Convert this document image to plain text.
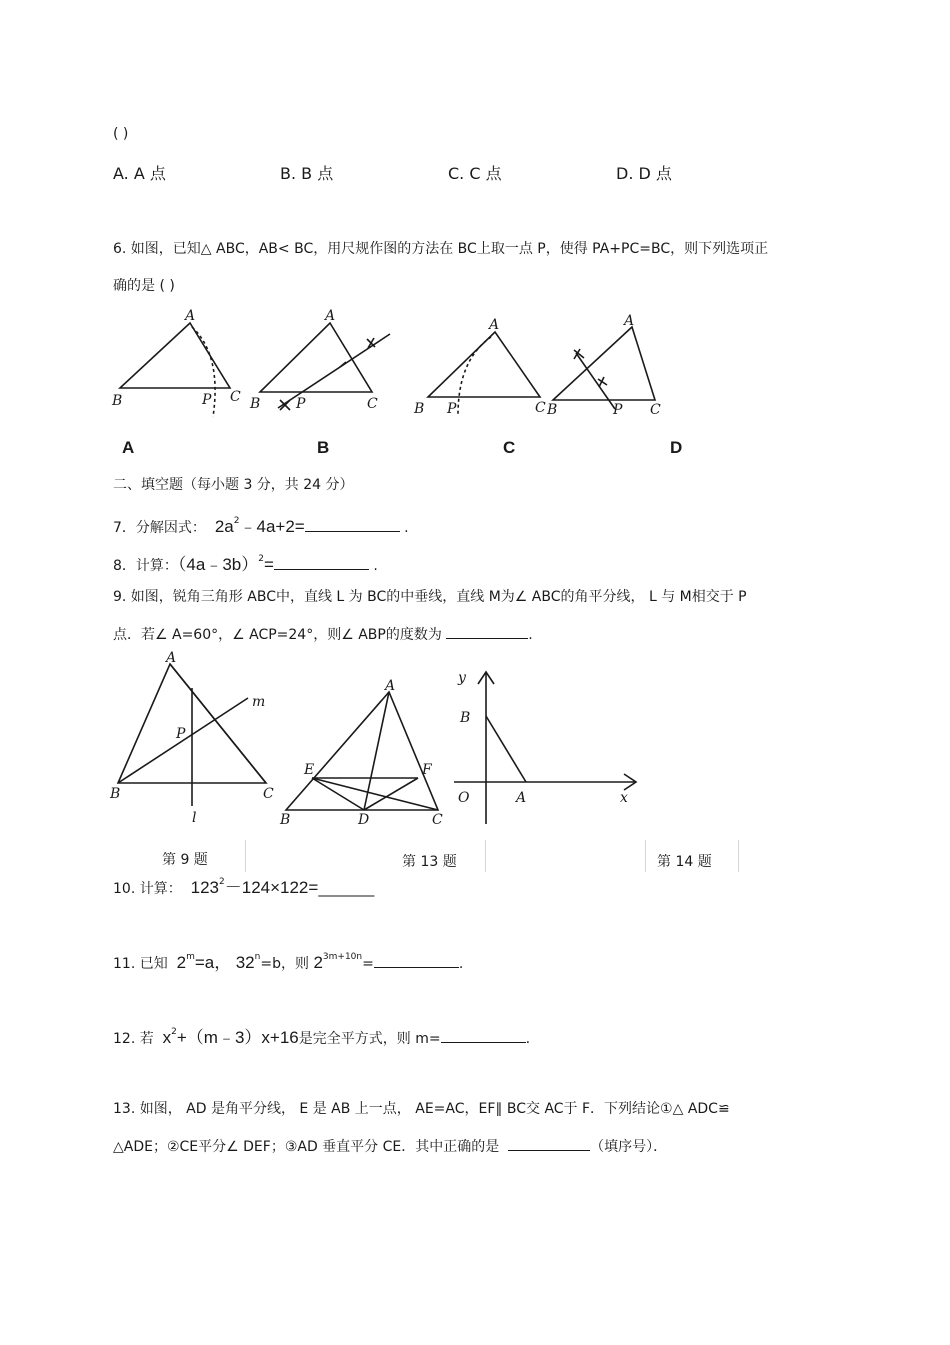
( )
A. A 点	B. B 点	C. C 点	D. D 点
6. 如图，已知△ ABC，AB< BC，用尺规作图的方法在 BC上取一点 P，使得 PA+PC=BC，则下列选项正
确的是 ( )
A
B	C
P
A
B	C
P
A
B	C
P
A
B	C
P
A	B	C	D
二、填空题（每小题 3 分，共 24 分）
7．分解因式： $2a^2﹣4a+2=$	.
8．计算：（4a﹣3b）$^2$=	.
9. 如图，锐角三角形 ABC中，直线 L 为 BC的中垂线，直线 M为∠ ABC的角平分线， L 与 M相交于 P
点．若∠ A=60°，∠ ACP=24°，则∠ ABP的度数为	.
A
B	C
P
m
l
A
B	C
D
E	F
y
x
B
O	A
第 9 题	第 13 题	第 14 题
10. 计算： $123^2-124\times 122=\_\_\_\_\_\_\_\_$
11. 已知 $2^m=a$， $32^n=b$，则 $2^{3m+10n}=$	.
12. 若 $x^2+(m﹣3)x+16$是完全平方式，则 m=	.
13. 如图， AD 是角平分线， E 是 AB 上一点， AE=AC，EF∥ BC交 AC于 F．下列结论①△ ADC≌
△ADE；②CE平分∠ DEF；③AD 垂直平分 CE．其中正确的是	（填序号）．
